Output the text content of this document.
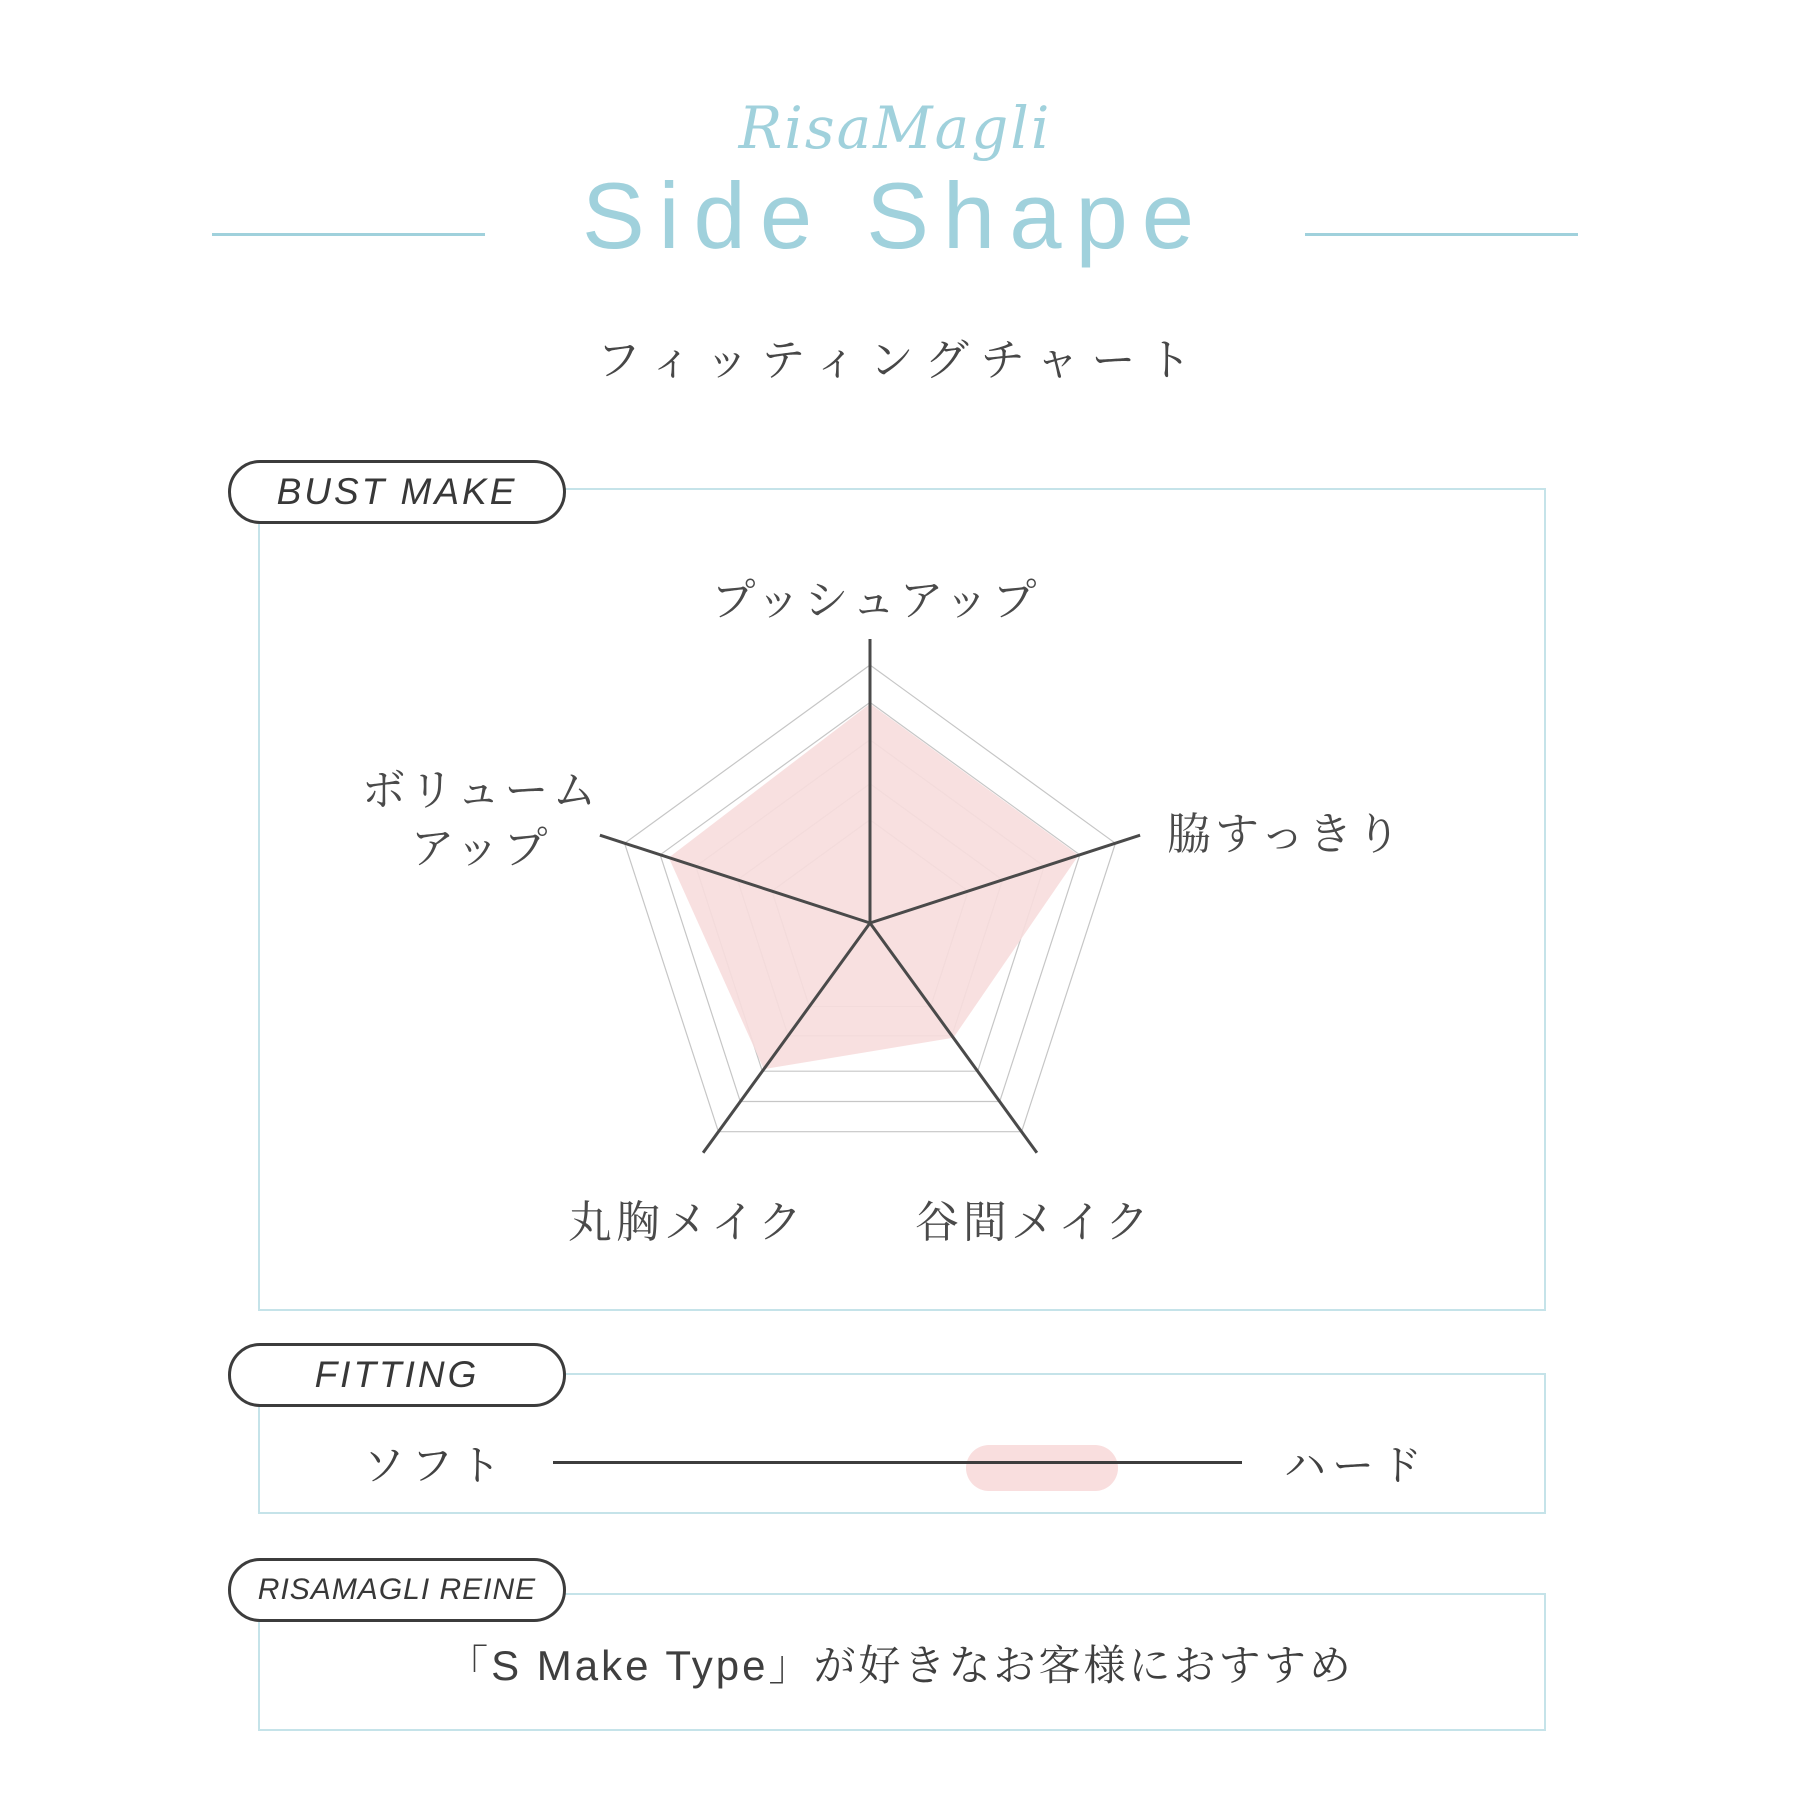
RisaMagli
Side Shape
フィッティングチャート
BUST MAKE
プッシュアップ
脇すっきり
ボリューム
アップ
丸胸メイク 谷間メイク
FITTING
ソフト	ハード
RISAMAGLI REINE
「S Make Type」が好きなお客様におすすめ
